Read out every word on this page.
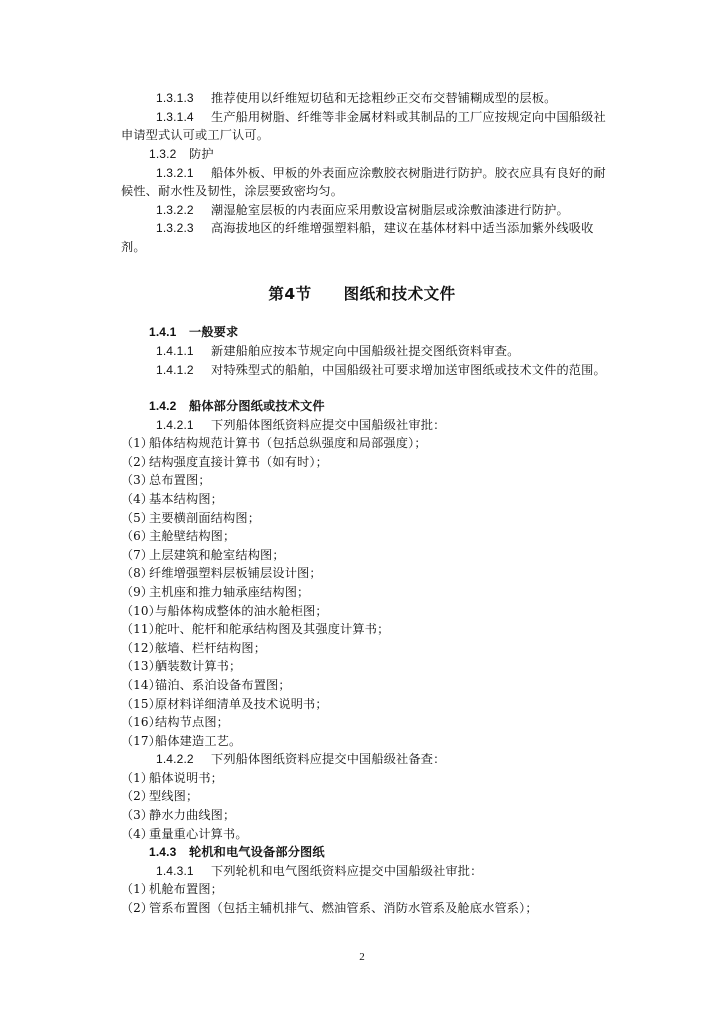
1.3.1.3 推荐使用以纤维短切毡和无捻粗纱正交布交替铺糊成型的层板。
1.3.1.4 生产船用树脂、纤维等非金属材料或其制品的工厂应按规定向中国船级社
申请型式认可或工厂认可。
1.3.2 防护
1.3.2.1 船体外板、甲板的外表面应涂敷胶衣树脂进行防护。胶衣应具有良好的耐
候性、耐水性及韧性，涂层要致密均匀。
1.3.2.2 潮湿舱室层板的内表面应采用敷设富树脂层或涂敷油漆进行防护。
1.3.2.3 高海拔地区的纤维增强塑料船，建议在基体材料中适当添加紫外线吸收
剂。
第4节 图纸和技术文件
1.4.1 一般要求
1.4.1.1 新建船舶应按本节规定向中国船级社提交图纸资料审查。
1.4.1.2 对特殊型式的船舶，中国船级社可要求增加送审图纸或技术文件的范围。
1.4.2 船体部分图纸或技术文件
1.4.2.1 下列船体图纸资料应提交中国船级社审批：
（1）船体结构规范计算书（包括总纵强度和局部强度）；
（2）结构强度直接计算书（如有时）；
（3）总布置图；
（4）基本结构图；
（5）主要横剖面结构图；
（6）主舱壁结构图；
（7）上层建筑和舱室结构图；
（8）纤维增强塑料层板铺层设计图；
（9）主机座和推力轴承座结构图；
（10）与船体构成整体的油水舱柜图；
（11）舵叶、舵杆和舵承结构图及其强度计算书；
（12）舷墙、栏杆结构图；
（13）舾装数计算书；
（14）锚泊、系泊设备布置图；
（15）原材料详细清单及技术说明书；
（16）结构节点图；
（17）船体建造工艺。
1.4.2.2 下列船体图纸资料应提交中国船级社备查：
（1）船体说明书；
（2）型线图；
（3）静水力曲线图；
（4）重量重心计算书。
1.4.3 轮机和电气设备部分图纸
1.4.3.1 下列轮机和电气图纸资料应提交中国船级社审批：
（1）机舱布置图；
（2）管系布置图（包括主辅机排气、燃油管系、消防水管系及舱底水管系）；
2
